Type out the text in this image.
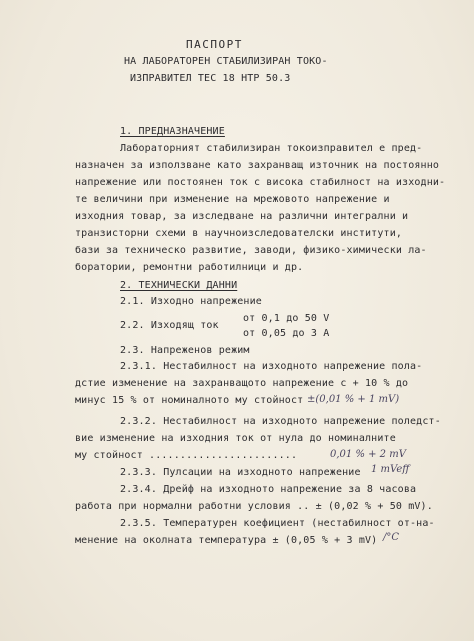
ПАСПОРТ
НА ЛАБОРАТОРЕН СТАБИЛИЗИРАН ТОКО-
ИЗПРАВИТЕЛ ТЕС 18 НТР 50.3
1. ПРЕДНАЗНАЧЕНИЕ
Лабораторният стабилизиран токоизправител е пред-
назначен за използване като захранващ източник на постоянно
напрежение или постоянен ток с висока стабилност на изходни-
те величини при изменение на мрежовото напрежение и
изходния товар, за изследване на различни интегрални и
транзисторни схеми в научноизследователски институти,
бази за техническо развитие, заводи, физико-химически ла-
боратории, ремонтни работилници и др.
2. ТЕХНИЧЕСКИ ДАННИ
2.1. Изходно напрежение
от 0,1 до 50 V
2.2. Изходящ ток
от 0,05 до 3 А
2.3. Напреженов режим
2.3.1. Нестабилност на изходното напрежение пола-
дстие изменение на захранващото напрежение с + 10 % до
минус 15 % от номиналното му стойност ±(0,01 % + 1 mV)
2.3.2. Нестабилност на изходното напрежение поледст-
вие изменение на изходния ток от нула до номиналните
му стойност ........................	0,01 % + 2 mV
2.3.3. Пулсации на изходното напрежение 1 mVeff
2.3.4. Дрейф на изходното напрежение за 8 часова
работа при нормални работни условия .. ± (0,02 % + 50 mV).
2.3.5. Температурен коефициент (нестабилност от-на-
менение на околната температура ± (0,05 % + 3 mV) /°C
